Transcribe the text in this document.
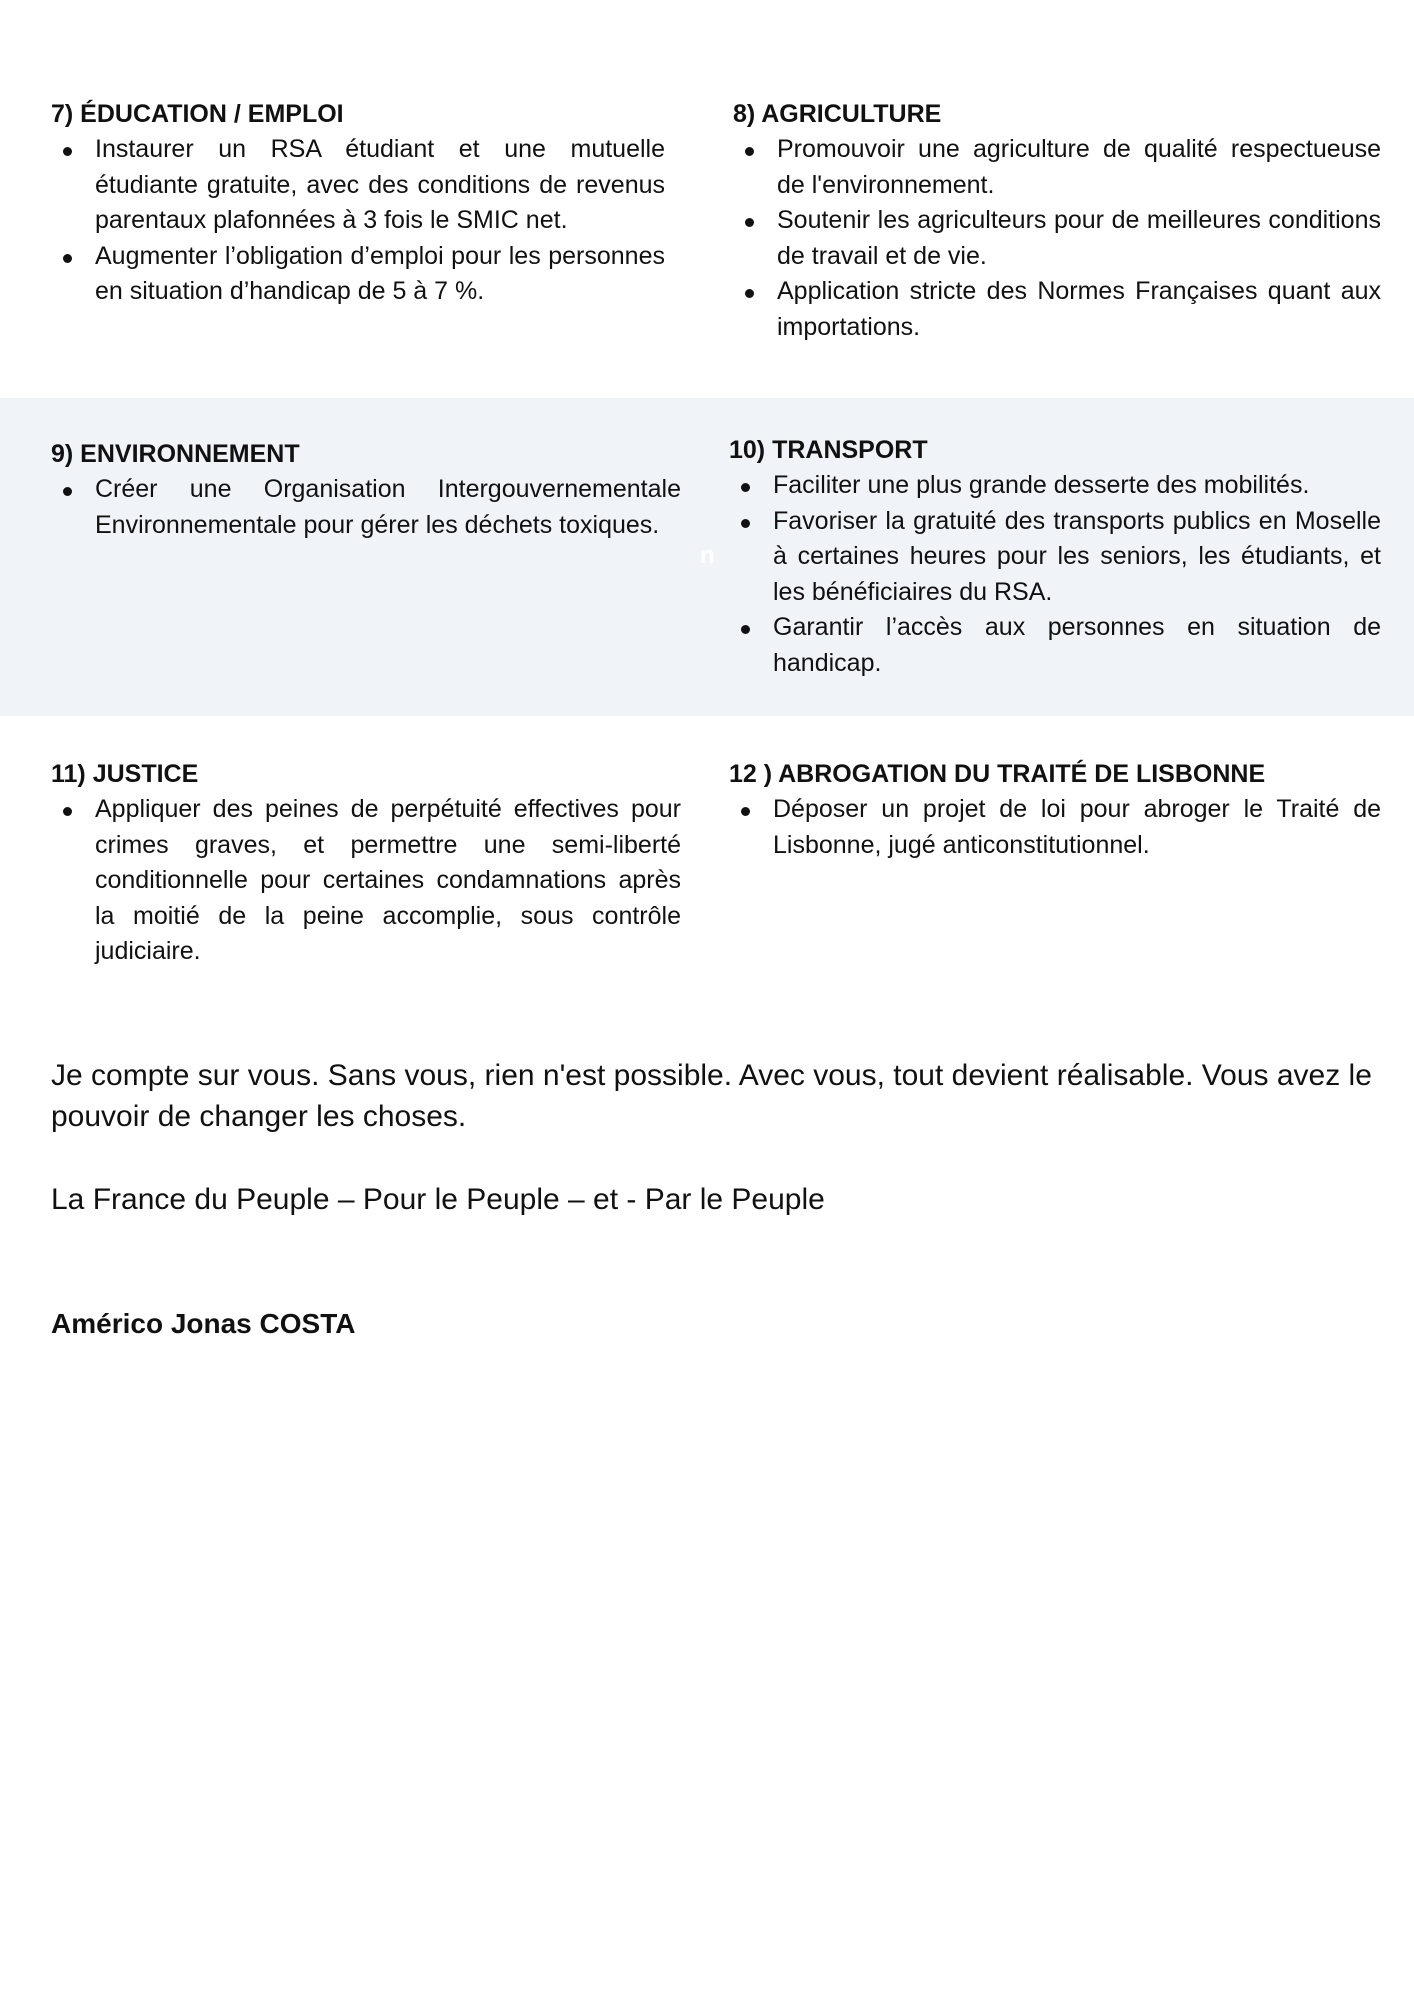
7) ÉDUCATION / EMPLOI

Instaurer un RSA étudiant et une mutuelle étudiante gratuite, avec des conditions de revenus parentaux plafonnées à 3 fois le SMIC net.
Augmenter l’obligation d’emploi pour les personnes en situation d’handicap de 5 à 7 %.

8) AGRICULTURE

Promouvoir une agriculture de qualité respectueuse de l'environnement.
Soutenir les agriculteurs pour de meilleures conditions de travail et de vie.
Application stricte des Normes Françaises quant aux importations.

9) ENVIRONNEMENT

Créer une Organisation Intergouvernementale Environnementale pour gérer les déchets toxiques.
n

10) TRANSPORT

Faciliter une plus grande desserte des mobilités.
Favoriser la gratuité des transports publics en Moselle à certaines heures pour les seniors, les étudiants, et les bénéficiaires du RSA.
Garantir l’accès aux personnes en situation de handicap.

11) JUSTICE

Appliquer des peines de perpétuité effectives pour crimes graves, et permettre une semi-liberté conditionnelle pour certaines condamnations après la moitié de la peine accomplie, sous contrôle judiciaire.

12 ) ABROGATION DU TRAITÉ DE LISBONNE

Déposer un projet de loi pour abroger le Traité de Lisbonne, jugé anticonstitutionnel.

Je compte sur vous. Sans vous, rien n'est possible. Avec vous, tout devient réalisable. Vous avez le pouvoir de changer les choses.

La France du Peuple – Pour le Peuple – et - Par le Peuple

Américo Jonas COSTA
